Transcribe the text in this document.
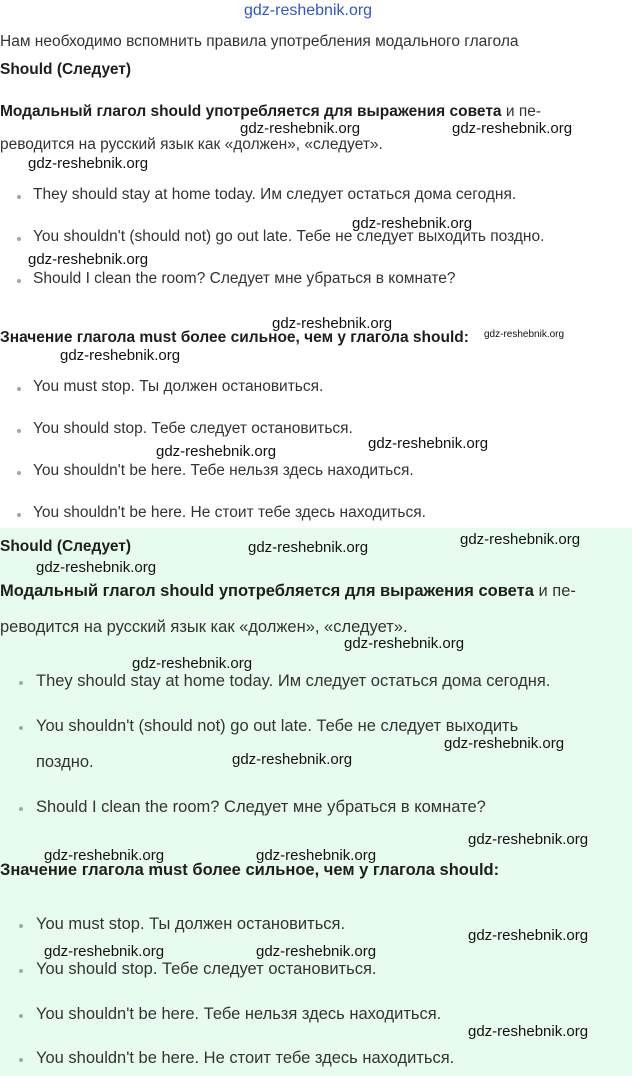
gdz-reshebnik.org
Нам необходимо вспомнить правила употребления модального глагола
Should (Следует)
Модальный глагол should употребляется для выражения совета и пе-
реводится на русский язык как «должен», «следует».
They should stay at home today. Им следует остаться дома сегодня.
You shouldn't (should not) go out late. Тебе не следует выходить поздно.
Should I clean the room? Следует мне убраться в комнате?
Значение глагола must более сильное, чем у глагола should:
You must stop. Ты должен остановиться.
You should stop. Тебе следует остановиться.
You shouldn't be here. Тебе нельзя здесь находиться.
You shouldn't be here. Не стоит тебе здесь находиться.
Should (Следует)
Модальный глагол should употребляется для выражения совета и пе-
реводится на русский язык как «должен», «следует».
They should stay at home today. Им следует остаться дома сегодня.
You shouldn't (should not) go out late. Тебе не следует выходить
поздно.
Should I clean the room? Следует мне убраться в комнате?
Значение глагола must более сильное, чем у глагола should:
You must stop. Ты должен остановиться.
You should stop. Тебе следует остановиться.
You shouldn't be here. Тебе нельзя здесь находиться.
You shouldn't be here. Не стоит тебе здесь находиться.
gdz-reshebnik.org	gdz-reshebnik.org
gdz-reshebnik.org
gdz-reshebnik.org
gdz-reshebnik.org
gdz-reshebnik.org
gdz-reshebnik.org
gdz-reshebnik.org
gdz-reshebnik.org	gdz-reshebnik.org
gdz-reshebnik.org	gdz-reshebnik.org
gdz-reshebnik.org
gdz-reshebnik.org
gdz-reshebnik.org
gdz-reshebnik.org
gdz-reshebnik.org
gdz-reshebnik.org
gdz-reshebnik.org	gdz-reshebnik.org
gdz-reshebnik.org
gdz-reshebnik.org	gdz-reshebnik.org
gdz-reshebnik.org
